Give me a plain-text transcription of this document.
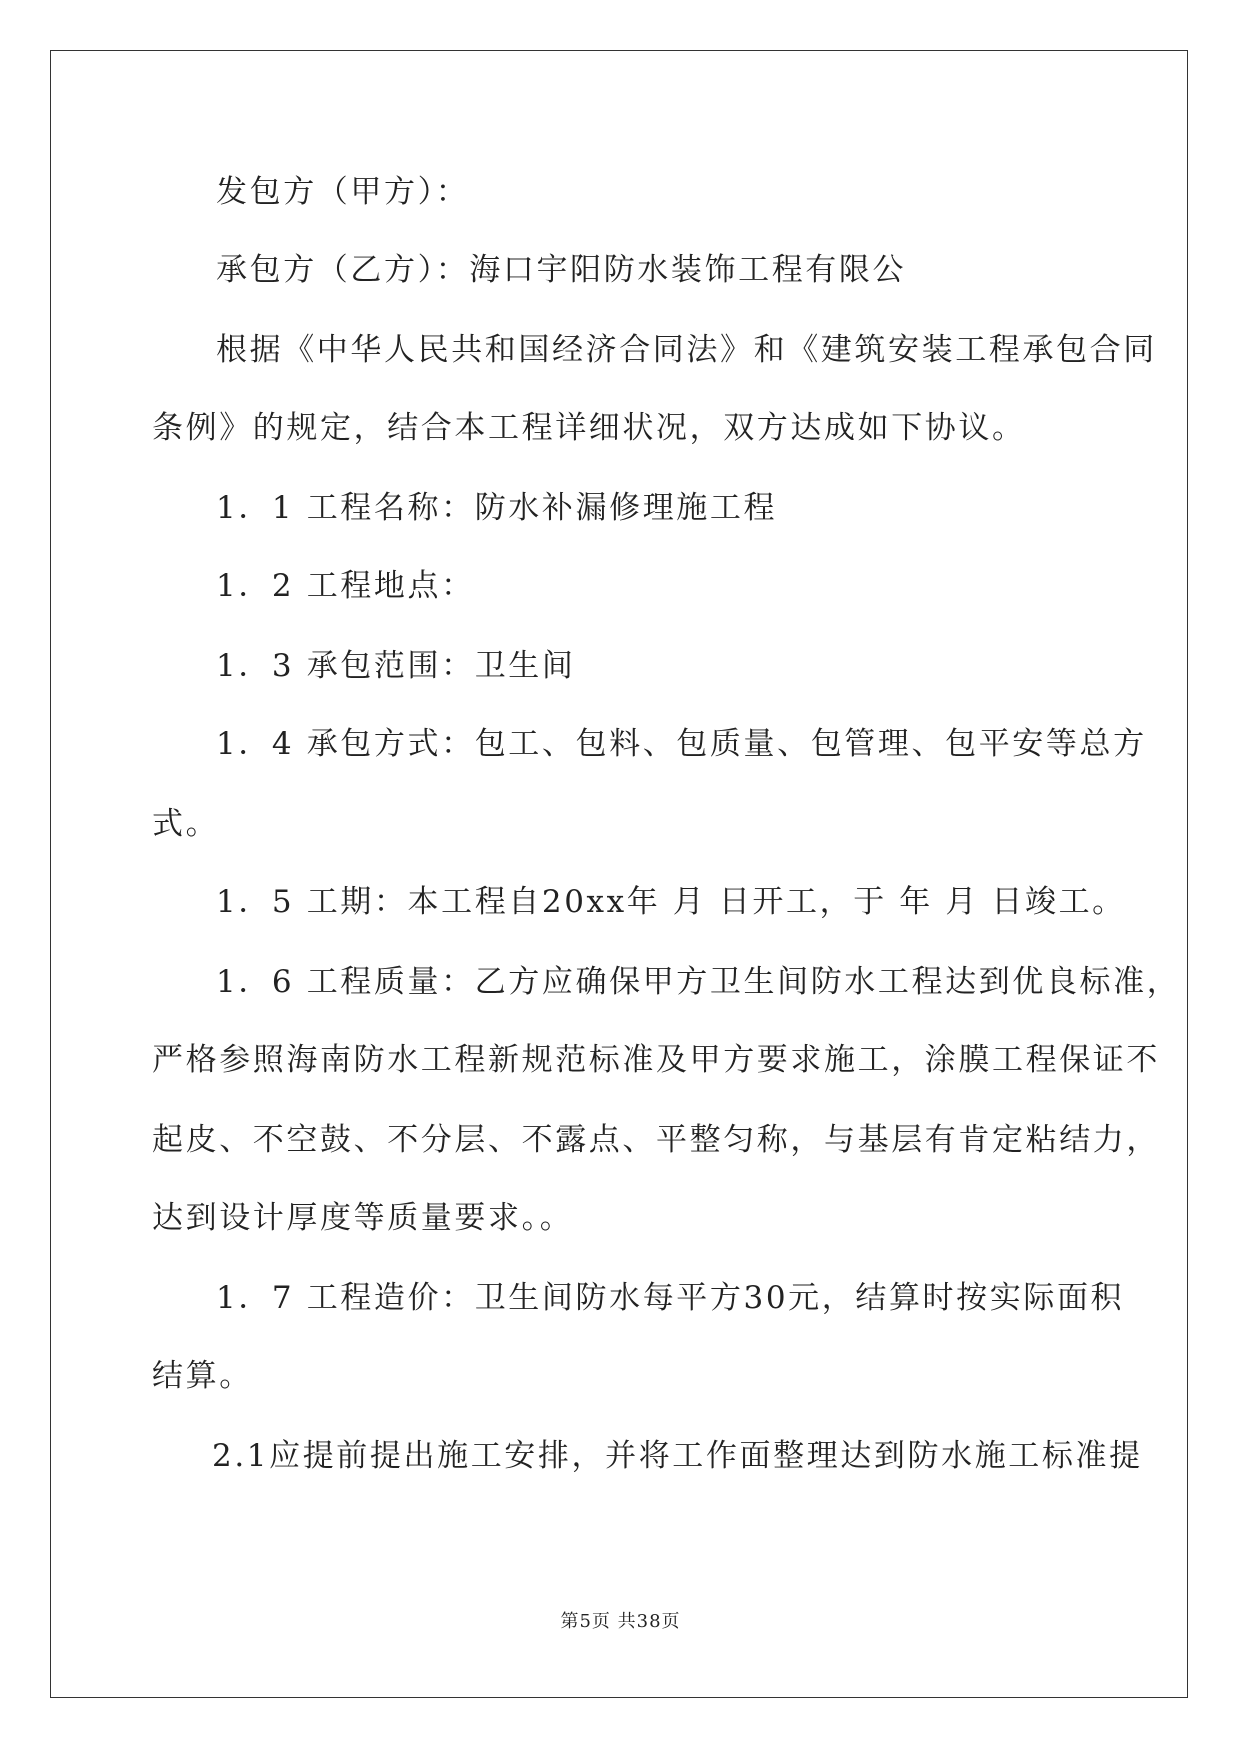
发包方（甲方）：
承包方（乙方）：海口宇阳防水装饰工程有限公
根据《中华人民共和国经济合同法》和《建筑安装工程承包合同
条例》的规定，结合本工程详细状况，双方达成如下协议。
1．1 工程名称：防水补漏修理施工程
1．2 工程地点：
1．3 承包范围：卫生间
1．4 承包方式：包工、包料、包质量、包管理、包平安等总方
式。
1．5 工期：本工程自20xx年 月 日开工，于 年 月 日竣工。
1．6 工程质量：乙方应确保甲方卫生间防水工程达到优良标准，
严格参照海南防水工程新规范标准及甲方要求施工，涂膜工程保证不
起皮、不空鼓、不分层、不露点、平整匀称，与基层有肯定粘结力，
达到设计厚度等质量要求。。
1．7 工程造价：卫生间防水每平方30元，结算时按实际面积
结算。
2.1应提前提出施工安排，并将工作面整理达到防水施工标准提
第5页 共38页
